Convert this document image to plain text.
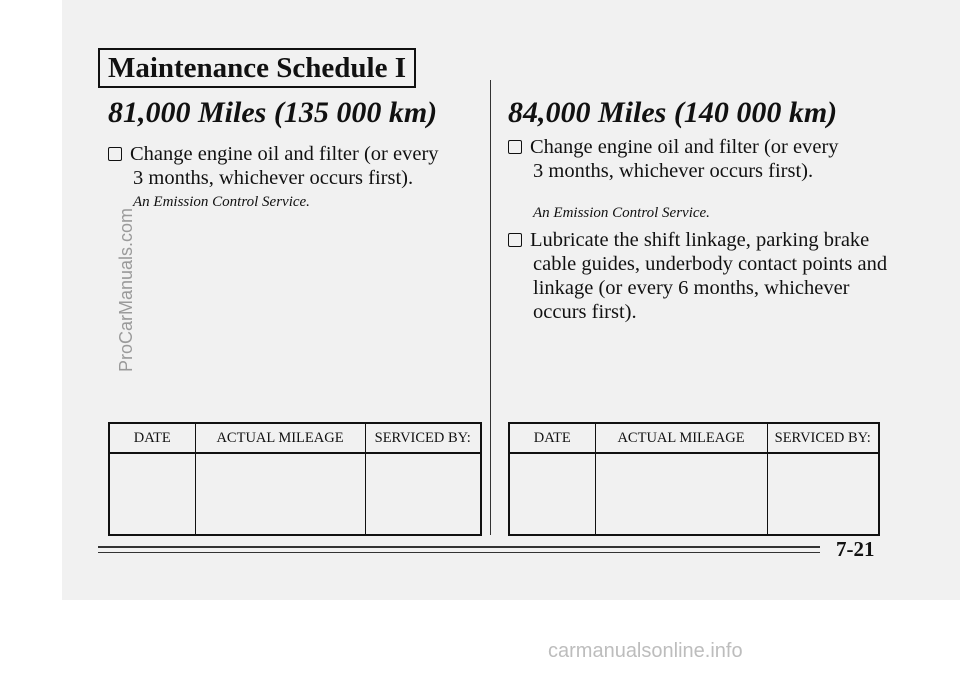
ProCarManuals.com
Maintenance Schedule I
81,000 Miles (135 000 km)
Change engine oil and filter (or every
3 months, whichever occurs first).
An Emission Control Service.
DATE	ACTUAL MILEAGE	SERVICED BY:

84,000 Miles (140 000 km)
Change engine oil and filter (or every
3 months, whichever occurs first).
An Emission Control Service.
Lubricate the shift linkage, parking brake
cable guides, underbody contact points and
linkage (or every 6 months, whichever
occurs first).
DATE	ACTUAL MILEAGE	SERVICED BY:

7-21
carmanualsonline.info
